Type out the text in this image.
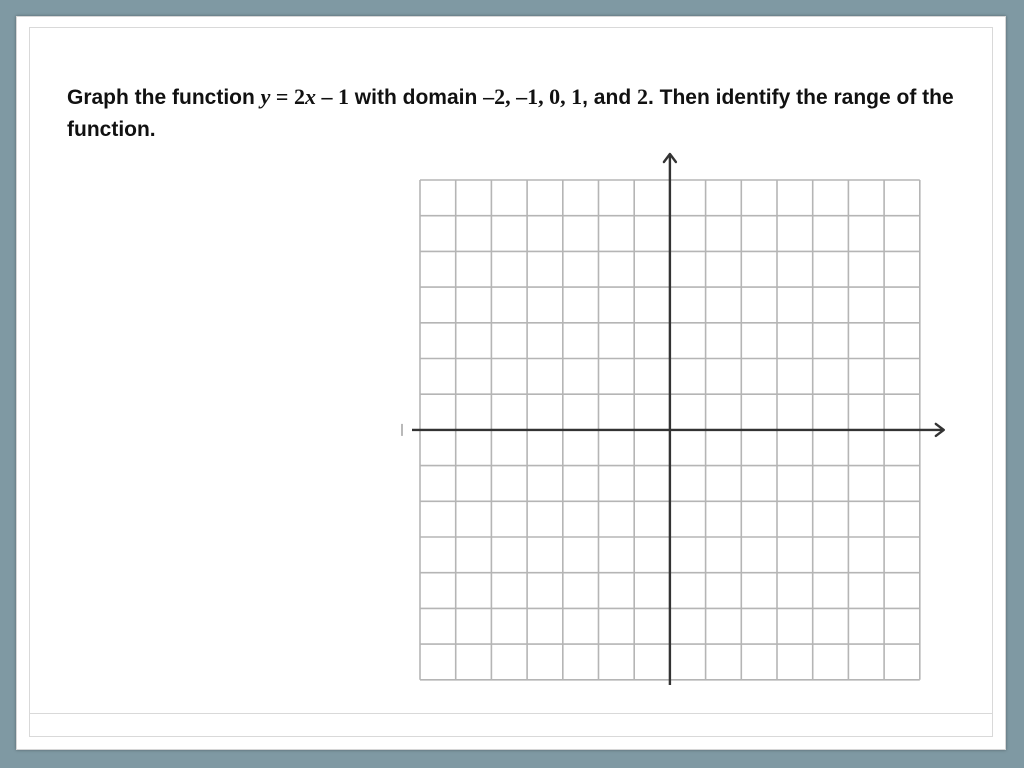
Graph the function y = 2x – 1 with domain –2, –1, 0, 1, and 2. Then identify the range of the function.
